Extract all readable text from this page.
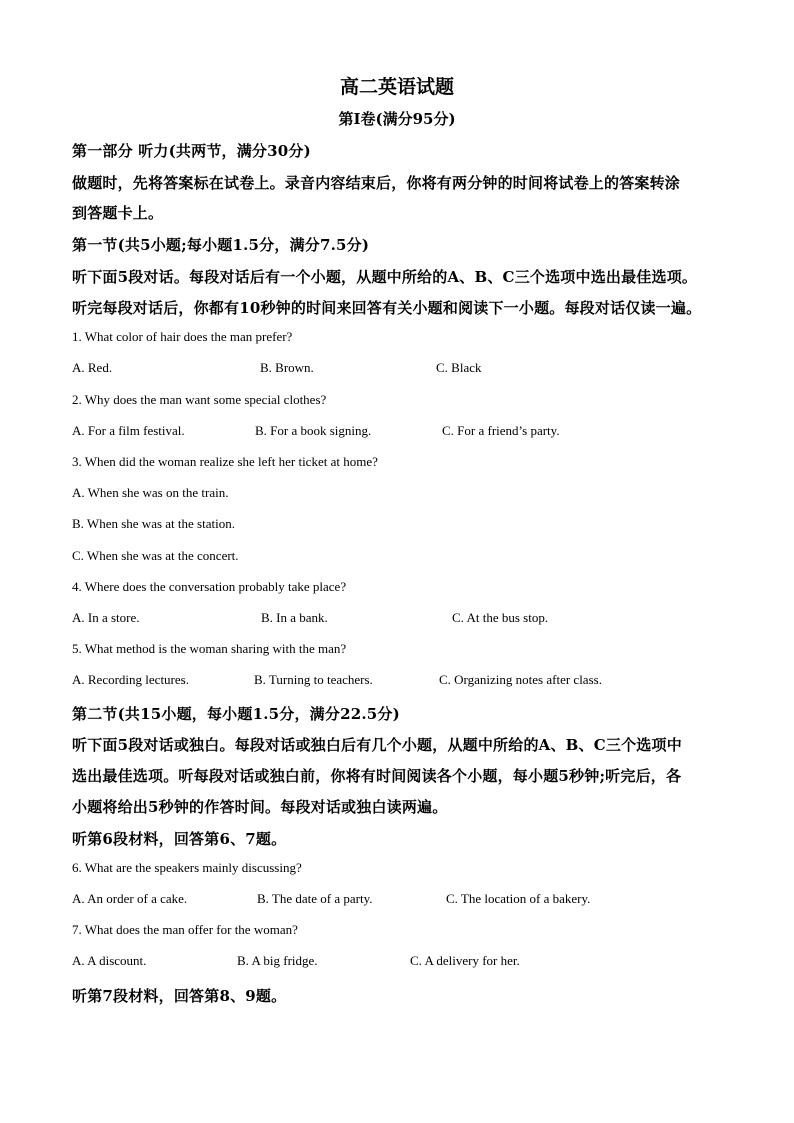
高二英语试题
第I卷(满分95分)
第一部分 听力(共两节，满分30分)
做题时，先将答案标在试卷上。录音内容结束后，你将有两分钟的时间将试卷上的答案转涂
到答题卡上。
第一节(共5小题;每小题1.5分，满分7.5分)
听下面5段对话。每段对话后有一个小题，从题中所给的A、B、C三个选项中选出最佳选项。
听完每段对话后，你都有10秒钟的时间来回答有关小题和阅读下一小题。每段对话仅读一遍。
1. What color of hair does the man prefer?
A. Red.	B. Brown.	C. Black
2. Why does the man want some special clothes?
A. For a film festival.	B. For a book signing.	C. For a friend’s party.
3. When did the woman realize she left her ticket at home?
A. When she was on the train.
B. When she was at the station.
C. When she was at the concert.
4. Where does the conversation probably take place?
A. In a store.	B. In a bank.	C. At the bus stop.
5. What method is the woman sharing with the man?
A. Recording lectures.	B. Turning to teachers.	C. Organizing notes after class.
第二节(共15小题，每小题1.5分，满分22.5分)
听下面5段对话或独白。每段对话或独白后有几个小题，从题中所给的A、B、C三个选项中
选出最佳选项。听每段对话或独白前，你将有时间阅读各个小题，每小题5秒钟;听完后，各
小题将给出5秒钟的作答时间。每段对话或独白读两遍。
听第6段材料，回答第6、7题。
6. What are the speakers mainly discussing?
A. An order of a cake.	B. The date of a party.	C. The location of a bakery.
7. What does the man offer for the woman?
A. A discount.	B. A big fridge.	C. A delivery for her.
听第7段材料，回答第8、9题。
